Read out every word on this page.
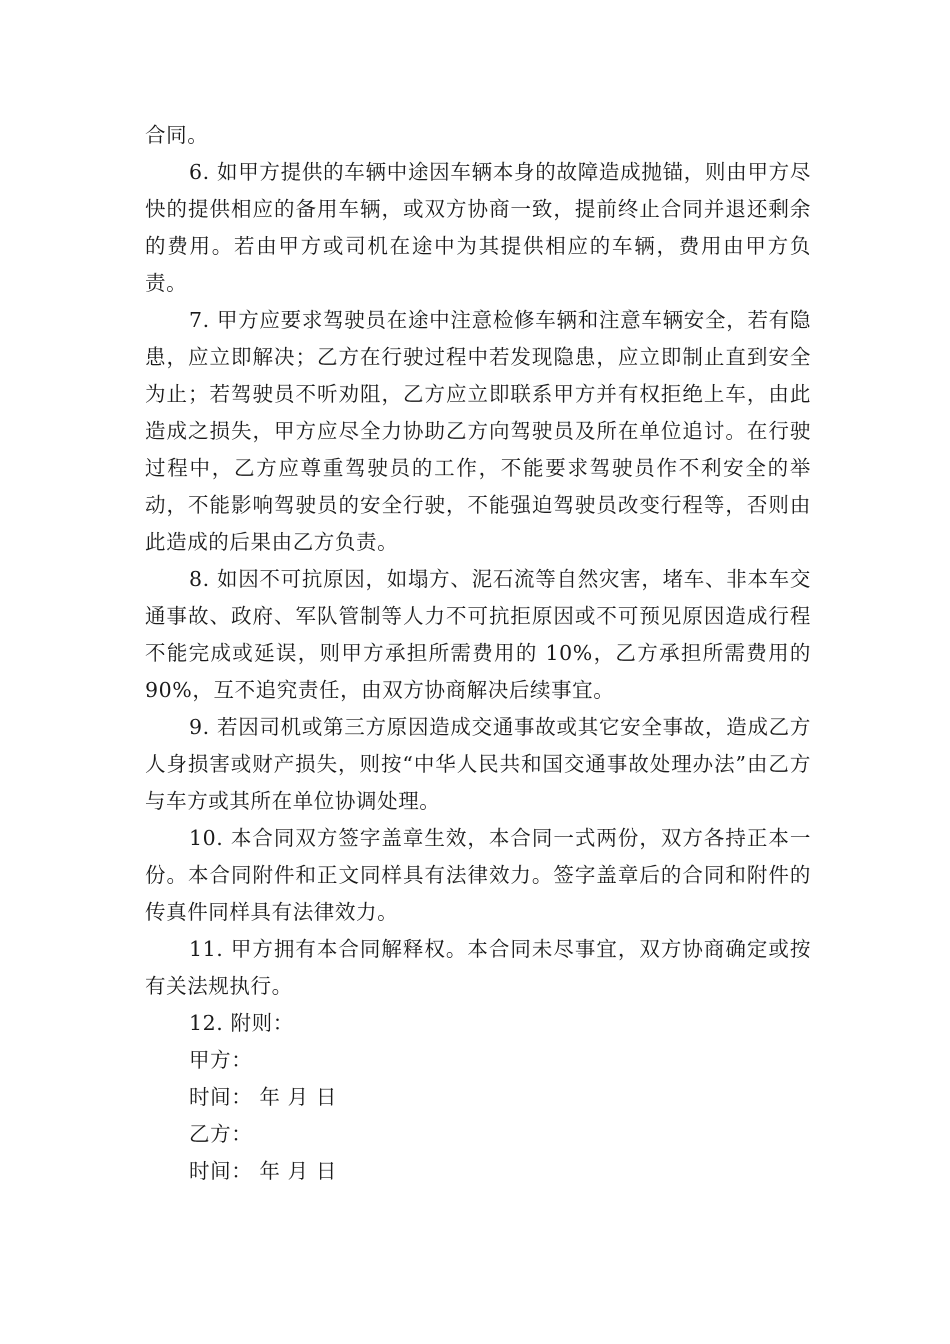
合同。

6. 如甲方提供的车辆中途因车辆本身的故障造成抛锚，则由甲方尽快的提供相应的备用车辆，或双方协商一致，提前终止合同并退还剩余的费用。若由甲方或司机在途中为其提供相应的车辆，费用由甲方负责。

7. 甲方应要求驾驶员在途中注意检修车辆和注意车辆安全，若有隐患，应立即解决；乙方在行驶过程中若发现隐患，应立即制止直到安全为止；若驾驶员不听劝阻，乙方应立即联系甲方并有权拒绝上车，由此造成之损失，甲方应尽全力协助乙方向驾驶员及所在单位追讨。在行驶过程中，乙方应尊重驾驶员的工作，不能要求驾驶员作不利安全的举动，不能影响驾驶员的安全行驶，不能强迫驾驶员改变行程等，否则由此造成的后果由乙方负责。

8. 如因不可抗原因，如塌方、泥石流等自然灾害，堵车、非本车交通事故、政府、军队管制等人力不可抗拒原因或不可预见原因造成行程不能完成或延误，则甲方承担所需费用的 10%，乙方承担所需费用的 90%，互不追究责任，由双方协商解决后续事宜。

9. 若因司机或第三方原因造成交通事故或其它安全事故，造成乙方人身损害或财产损失，则按“中华人民共和国交通事故处理办法”由乙方与车方或其所在单位协调处理。

10. 本合同双方签字盖章生效，本合同一式两份，双方各持正本一份。本合同附件和正文同样具有法律效力。签字盖章后的合同和附件的传真件同样具有法律效力。

11. 甲方拥有本合同解释权。本合同未尽事宜，双方协商确定或按有关法规执行。

12. 附则：

甲方：

时间： 年 月 日

乙方：

时间： 年 月 日
